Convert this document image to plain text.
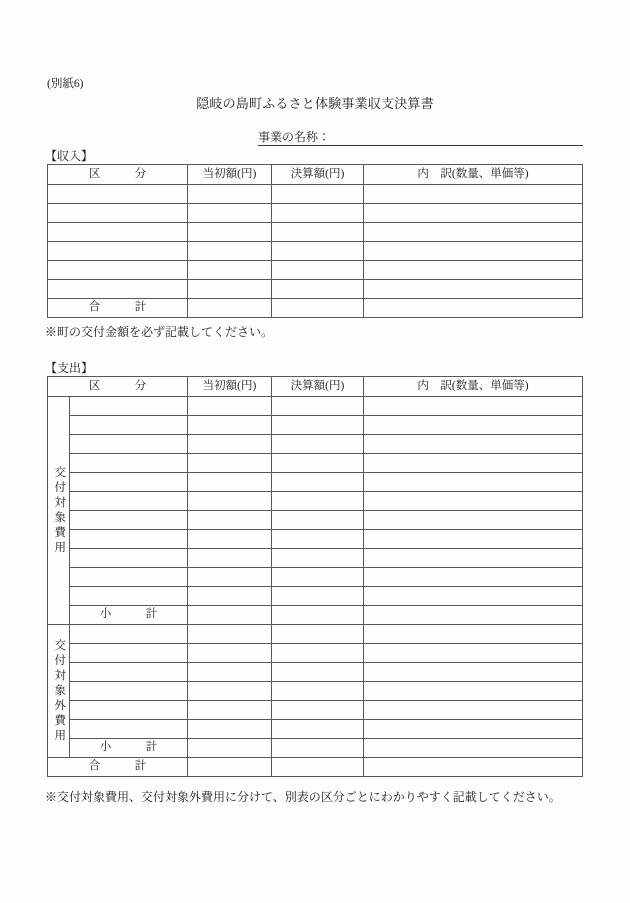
(別紙6)
隠岐の島町ふるさと体験事業収支決算書
事業の名称：
【収入】
区　　　分	当初額(円)	決算額(円)	内　訳(数量、単価等)

合　　　計			
※町の交付金額を必ず記載してください。
【支出】
区　　　分		当初額(円)	決算額(円)	内　訳(数量、単価等)
交付対象費用				

	小　　　計			
交付対象外費用				

	小　　　計			
合　　　計				
※交付対象費用、交付対象外費用に分けて、別表の区分ごとにわかりやすく記載してください。
